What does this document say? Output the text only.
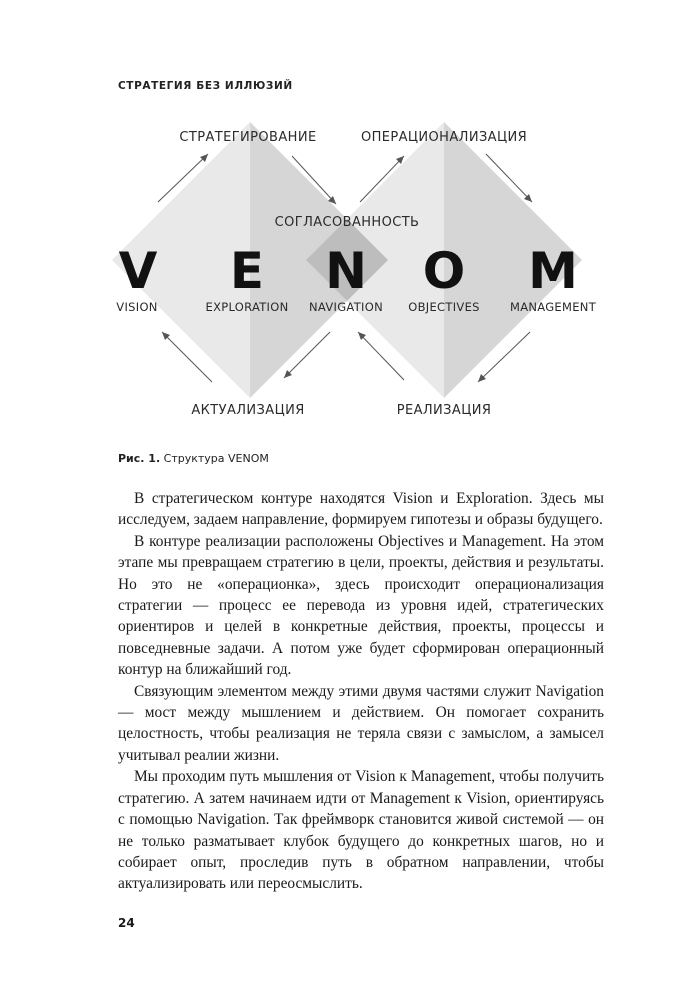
СТРАТЕГИЯ БЕЗ ИЛЛЮЗИЙ
СТРАТЕГИРОВАНИЕ	ОПЕРАЦИОНАЛИЗАЦИЯ
СОГЛАСОВАННОСТЬ
V E N O M
VISION	EXPLORATION NAVIGATION OBJECTIVES	MANAGEMENT
АКТУАЛИЗАЦИЯ	РЕАЛИЗАЦИЯ
Рис. 1. Структура VENOM

В стратегическом контуре находятся Vision и Exploration. Здесь мы исследуем, задаем направление, формируем гипотезы и образы будущего.

В контуре реализации расположены Objectives и Management. На этом этапе мы превращаем стратегию в цели, проекты, действия и результаты. Но это не «операционка», здесь происходит операционализация стратегии — процесс ее перевода из уровня идей, стратегических ориентиров и целей в конкретные действия, проекты, процессы и повседневные задачи. А потом уже будет сформирован операционный контур на ближайший год.

Связующим элементом между этими двумя частями служит Navigation — мост между мышлением и действием. Он помогает сохранить целостность, чтобы реализация не теряла связи с замыслом, а замысел учитывал реалии жизни.

Мы проходим путь мышления от Vision к Management, чтобы получить стратегию. А затем начинаем идти от Management к Vision, ориентируясь с помощью Navigation. Так фреймворк становится живой системой — он не только разматывает клубок будущего до конкретных шагов, но и собирает опыт, проследив путь в обратном направлении, чтобы актуализировать или переосмыслить.

24
